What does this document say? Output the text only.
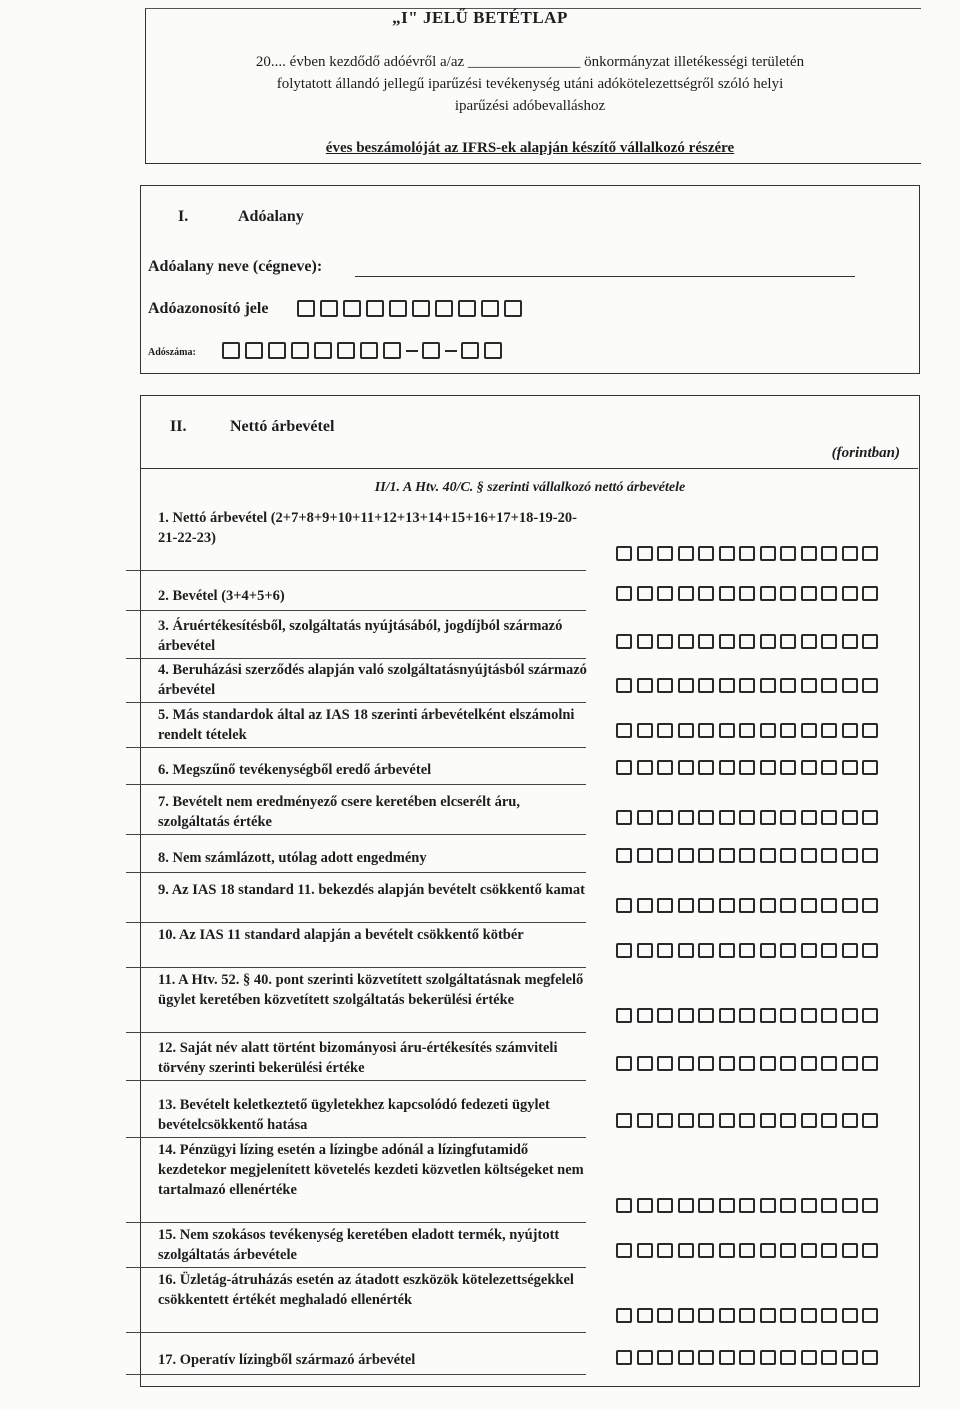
„I" JELŰ BETÉTLAP
20.... évben kezdődő adóévről a/az _______________ önkormányzat illetékességi területén
folytatott állandó jellegű iparűzési tevékenység utáni adókötelezettségről szóló helyi
iparűzési adóbevalláshoz
éves beszámolóját az IFRS-ek alapján készítő vállalkozó részére
I.	Adóalany
Adóalany neve (cégneve):
Adóazonosító jele
Adószáma:
II.	Nettó árbevétel
(forintban)
II/1. A Htv. 40/C. § szerinti vállalkozó nettó árbevétele
1. Nettó árbevétel (2+7+8+9+10+11+12+13+14+15+16+17+18-19-20-21-22-23)
2. Bevétel (3+4+5+6)
3. Áruértékesítésből, szolgáltatás nyújtásából, jogdíjból származó árbevétel
4. Beruházási szerződés alapján való szolgáltatásnyújtásból származó árbevétel
5. Más standardok által az IAS 18 szerinti árbevételként elszámolni rendelt tételek
6. Megszűnő tevékenységből eredő árbevétel
7. Bevételt nem eredményező csere keretében elcserélt áru, szolgáltatás értéke
8. Nem számlázott, utólag adott engedmény
9. Az IAS 18 standard 11. bekezdés alapján bevételt csökkentő kamat
10. Az IAS 11 standard alapján a bevételt csökkentő kötbér
11. A Htv. 52. § 40. pont szerinti közvetített szolgáltatásnak megfelelő ügylet keretében közvetített szolgáltatás bekerülési értéke
12. Saját név alatt történt bizományosi áru-értékesítés számviteli törvény szerinti bekerülési értéke
13. Bevételt keletkeztető ügyletekhez kapcsolódó fedezeti ügylet bevételcsökkentő hatása
14. Pénzügyi lízing esetén a lízingbe adónál a lízingfutamidő kezdetekor megjelenített követelés kezdeti közvetlen költségeket nem tartalmazó ellenértéke
15. Nem szokásos tevékenység keretében eladott termék, nyújtott szolgáltatás árbevétele
16. Üzletág-átruházás esetén az átadott eszközök kötelezettségekkel csökkentett értékét meghaladó ellenérték
17. Operatív lízingből származó árbevétel
